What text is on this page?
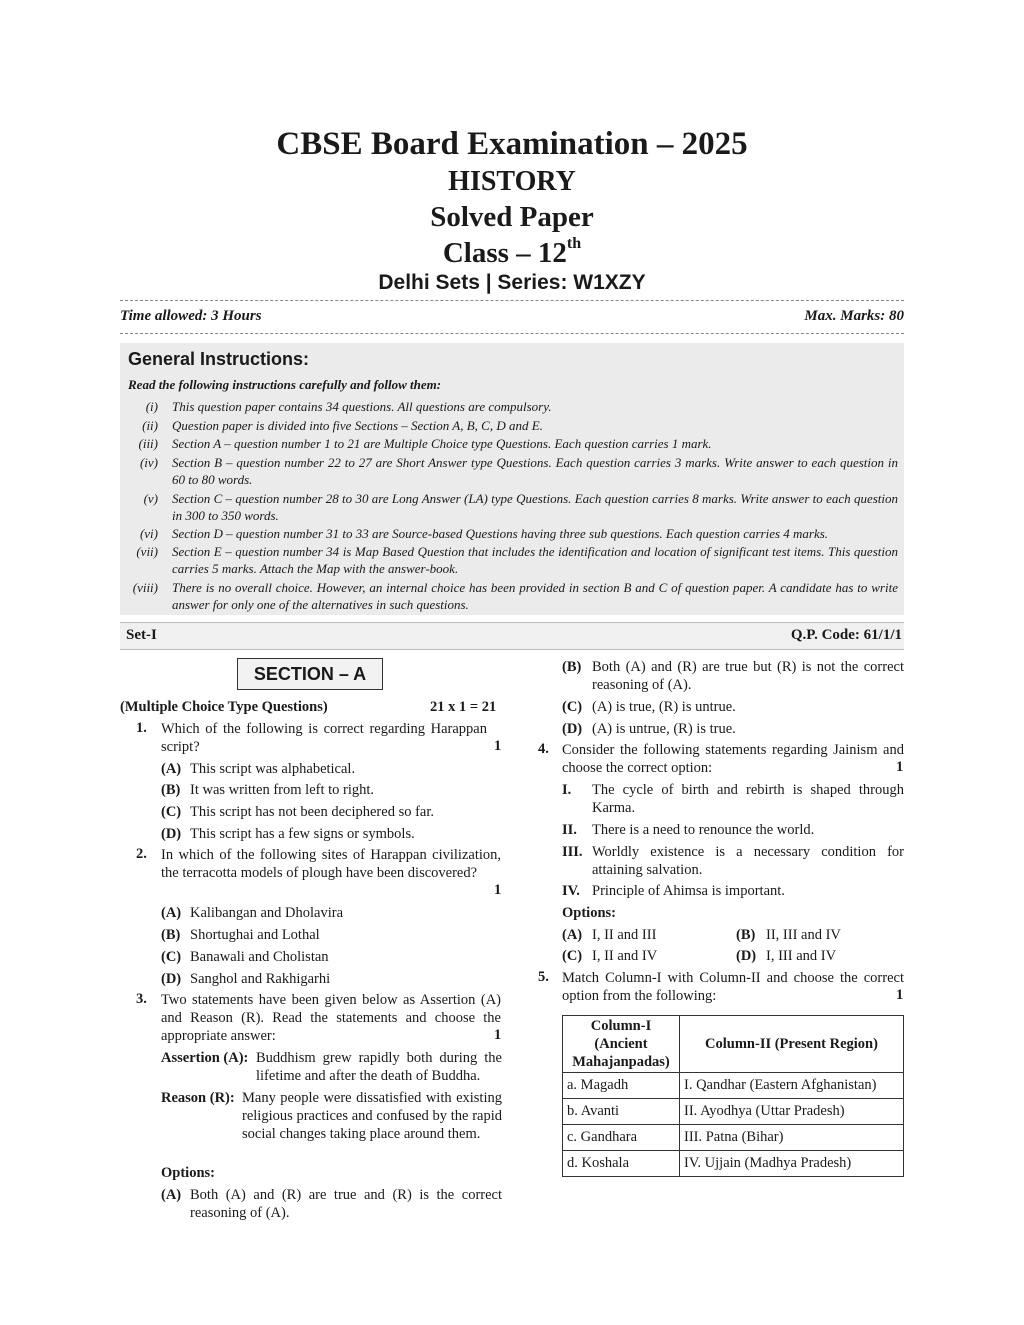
CBSE Board Examination – 2025
HISTORY
Solved Paper
Class – 12th
Delhi Sets | Series: W1XZY
Time allowed: 3 Hours	Max. Marks: 80
General Instructions:
Read the following instructions carefully and follow them:
(i) This question paper contains 34 questions. All questions are compulsory.
(ii) Question paper is divided into five Sections – Section A, B, C, D and E.
(iii) Section A – question number 1 to 21 are Multiple Choice type Questions. Each question carries 1 mark.
(iv) Section B – question number 22 to 27 are Short Answer type Questions. Each question carries 3 marks. Write answer to each question in 60 to 80 words.
(v) Section C – question number 28 to 30 are Long Answer (LA) type Questions. Each question carries 8 marks. Write answer to each question in 300 to 350 words.
(vi) Section D – question number 31 to 33 are Source-based Questions having three sub questions. Each question carries 4 marks.
(vii) Section E – question number 34 is Map Based Question that includes the identification and location of significant test items. This question carries 5 marks. Attach the Map with the answer-book.
(viii) There is no overall choice. However, an internal choice has been provided in section B and C of question paper. A candidate has to write answer for only one of the alternatives in such questions.
Set-I	Q.P. Code: 61/1/1
SECTION – A
(Multiple Choice Type Questions)	21 x 1 = 21
1. Which of the following is correct regarding Harappan script?	1
(A) This script was alphabetical.
(B) It was written from left to right.
(C) This script has not been deciphered so far.
(D) This script has a few signs or symbols.
2. In which of the following sites of Harappan civilization, the terracotta models of plough have been discovered?
1
(A) Kalibangan and Dholavira
(B) Shortughai and Lothal
(C) Banawali and Cholistan
(D) Sanghol and Rakhigarhi
3. Two statements have been given below as Assertion (A) and Reason (R). Read the statements and choose the appropriate answer:	1
Assertion (A): Buddhism grew rapidly both during the lifetime and after the death of Buddha.
Reason (R): Many people were dissatisfied with existing religious practices and confused by the rapid social changes taking place around them.
Options:
(A) Both (A) and (R) are true and (R) is the correct reasoning of (A).
(B) Both (A) and (R) are true but (R) is not the correct reasoning of (A).
(C) (A) is true, (R) is untrue.
(D) (A) is untrue, (R) is true.
4. Consider the following statements regarding Jainism and choose the correct option:	1
I. The cycle of birth and rebirth is shaped through Karma.
II. There is a need to renounce the world.
III. Worldly existence is a necessary condition for attaining salvation.
IV. Principle of Ahimsa is important.
Options:
(A) I, II and III	(B) II, III and IV
(C) I, II and IV	(D) I, III and IV
5. Match Column-I with Column-II and choose the correct option from the following:	1
Column-I (Ancient Mahajanpadas)	Column-II (Present Region)
a. Magadh	I. Qandhar (Eastern Afghanistan)
b. Avanti	II. Ayodhya (Uttar Pradesh)
c. Gandhara	III. Patna (Bihar)
d. Koshala	IV. Ujjain (Madhya Pradesh)
